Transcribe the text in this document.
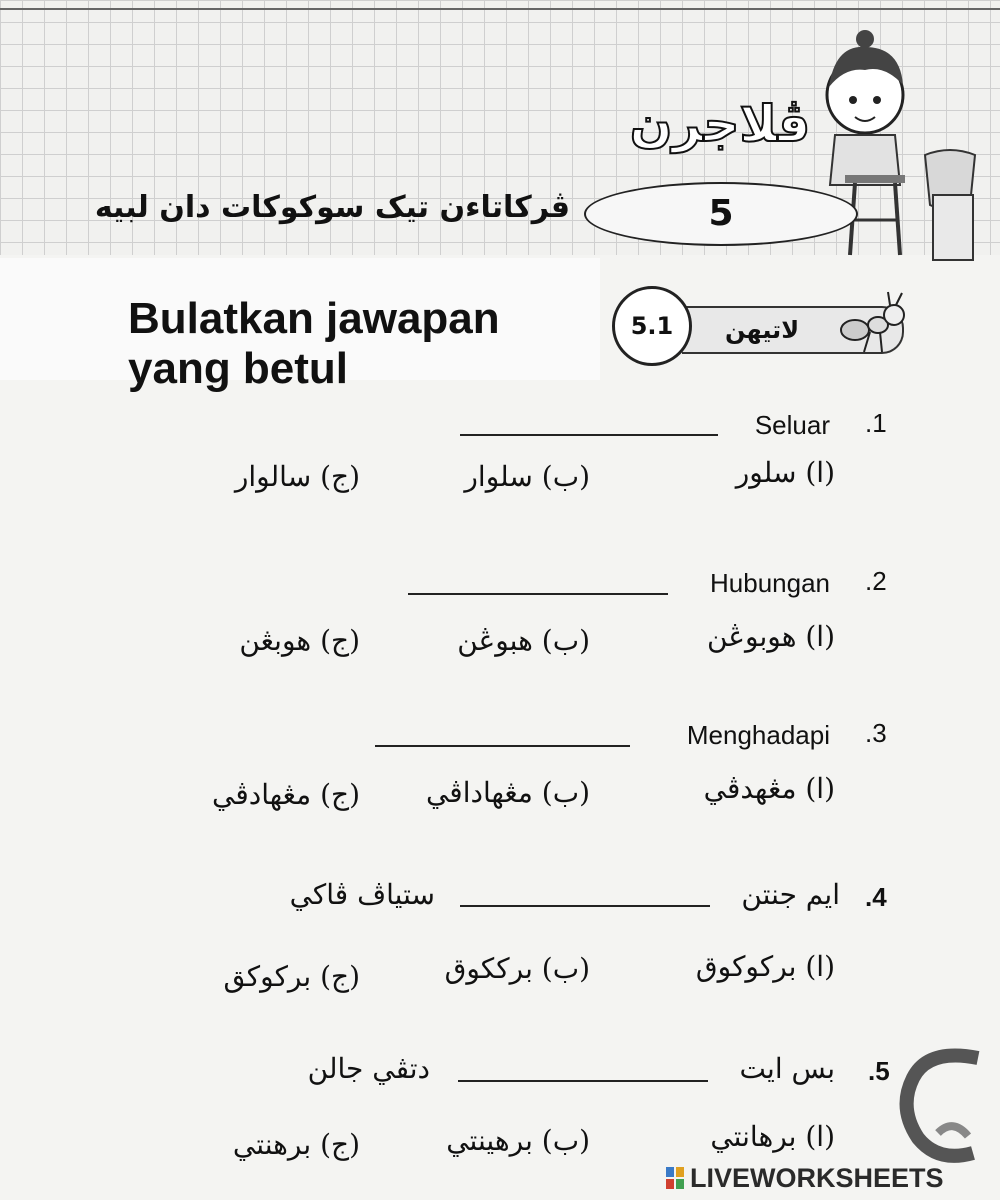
ڤلاجرن
5
ڤركاتاءن تيک سوکوکات دان لبيه
Bulatkan jawapan yang betul
لاتيهن
5.1
.1
Seluar
(ا) سلور
(ب) سلوار
(ج) سالوار
.2
Hubungan
(ا) هوبوڠن
(ب) هبوڠن
(ج) هوبڠن
.3
Menghadapi
(ا) مڠهدڤي
(ب) مڠهاداڤي
(ج) مڠهادڤي
.4
ايم جنتن
ستياڤ ڤاکي
(ا) برکوکوق
(ب) برککوق
(ج) برکوکق
.5
بس ايت
دتڤي جالن
(ا) برهانتي
(ب) برهينتي
(ج) برهنتي
LIVEWORKSHEETS
